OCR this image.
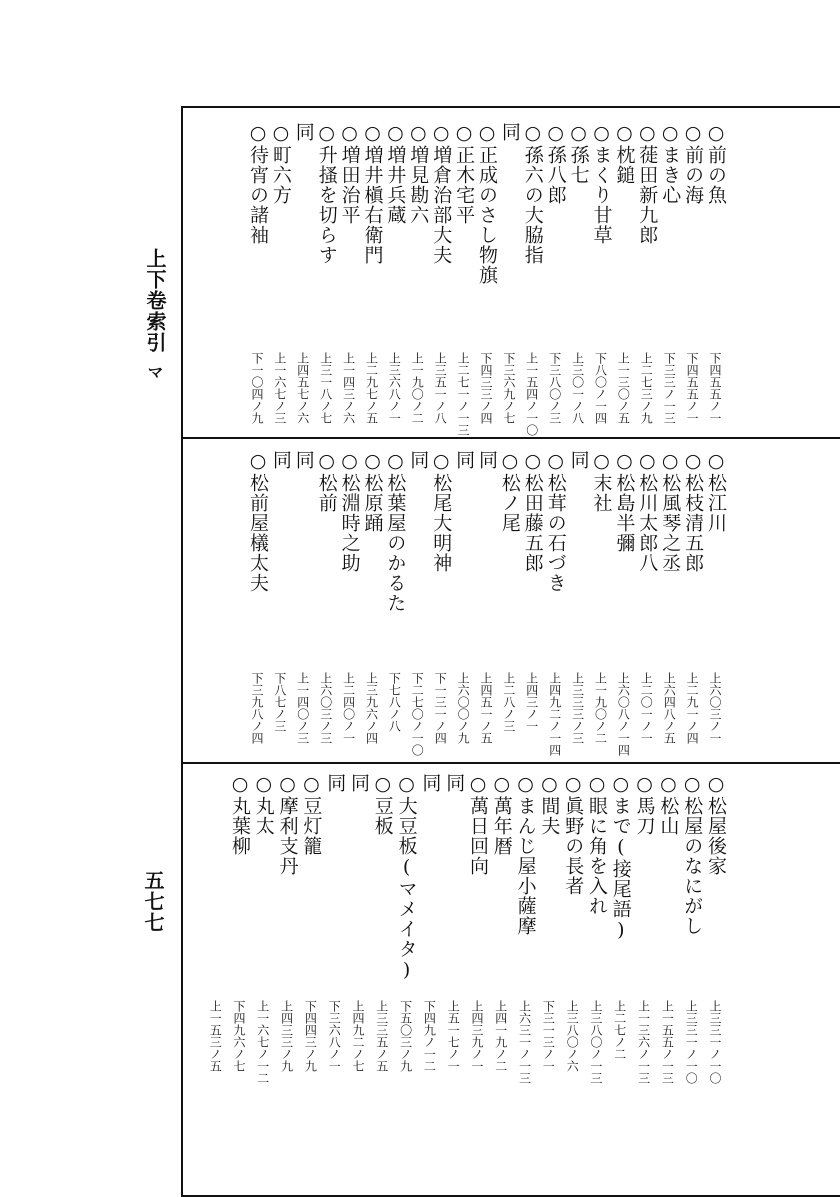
上下卷索引
マ
五七七
○前の魚
下四五五ノ一
○前の海
下四五五ノ一
○まき心
下三三ノ一三
○蓰田新九郎
上二七三ノ九
○枕鎚
上一三〇ノ五
○まくり甘草
下八〇ノ一四
○孫七
上三〇一ノ八
○孫八郎
下三八〇ノ三
○孫六の大脇指
上一五四ノ一〇
同
下三六九ノ七
○正成のさし物旗
下四三三ノ四
○正木宅平
上二七一ノ一三
○増倉治部大夫
上三五一ノ八
○増見勘六
上一九〇ノ二
○増井兵蔵
上三六八ノ一
○増井槇右衛門
上二九七ノ五
○増田治平
上一四三ノ六
○升搔を切らす
上三一八ノ七
同
上四五七ノ六
○町六方
上一六七ノ三
○待宵の諸袖
下一〇四ノ九
○松江川
上六〇三ノ一
○松枝清五郎
上二九一ノ四
○松風琴之丞
上六四八ノ五
○松川太郎八
上二〇一ノ一
○松島半彌
上六〇八ノ一四
○末社
上一九〇ノ二
同
上三三三ノ三
○松茸の石づき
上四九二ノ一四
○松田藤五郎
上四三ノ一
○松ノ尾
上二八ノ三
同
上四五一ノ五
同
上六〇〇ノ九
○松尾大明神
下一三一ノ四
同
下二七〇ノ一〇
○松葉屋のかるた
下七八ノ八
○松原踊
上三九六ノ四
○松淵時之助
上二四〇ノ一
○松前
上六〇三ノ三
同
上一四〇ノ三
同
下八七ノ三
○松前屋檥太夫
下三九八ノ四
○松屋後家
上三三一ノ一〇
○松屋のなにがし
上三三一ノ一〇
○松山
上一五五ノ一三
○馬刀
上一三六ノ一三
○まで(接尾語)
上二七ノ二
○眼に角を入れ
上三八〇ノ一三
○眞野の長者
上三八〇ノ六
○間夫
下三一三ノ一
○まんじ屋小薩摩
上六三一ノ一三
○萬年暦
上四一九ノ二
○萬日回向
上四三九ノ一
同
上五一七ノ一
同
下四九ノ一二
○大豆板(マメイタ)
下五〇三ノ九
○豆板
上三三五ノ五
同
上四九二ノ七
同
下三六八ノ一
○豆灯籠
下四四三ノ九
○摩利支丹
上四三三ノ九
○丸太
上一六七ノ一二
○丸葉柳
下四九六ノ七
上一五三ノ五
